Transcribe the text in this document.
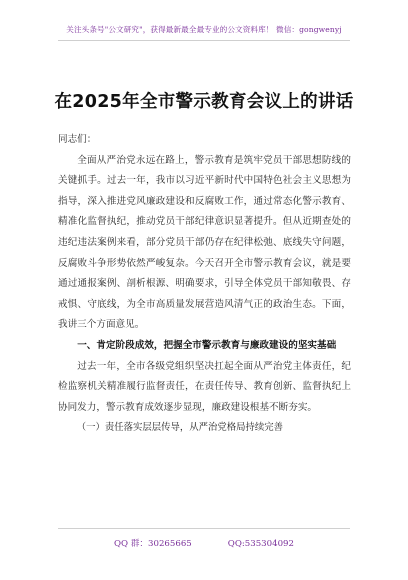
关注头条号"公文研究"，获得最新最全最专业的公文资料库！ 微信：gongwenyj
在2025年全市警示教育会议上的讲话

同志们：

全面从严治党永远在路上，警示教育是筑牢党员干部思想防线的关键抓手。过去一年，我市以习近平新时代中国特色社会主义思想为指导，深入推进党风廉政建设和反腐败工作，通过常态化警示教育、精准化监督执纪，推动党员干部纪律意识显著提升。但从近期查处的违纪违法案例来看，部分党员干部仍存在纪律松弛、底线失守问题，反腐败斗争形势依然严峻复杂。今天召开全市警示教育会议，就是要通过通报案例、剖析根源、明确要求，引导全体党员干部知敬畏、存戒惧、守底线，为全市高质量发展营造风清气正的政治生态。下面，我讲三个方面意见。

一、肯定阶段成效，把握全市警示教育与廉政建设的坚实基础

过去一年，全市各级党组织坚决扛起全面从严治党主体责任，纪检监察机关精准履行监督责任，在责任传导、教育创新、监督执纪上协同发力，警示教育成效逐步显现，廉政建设根基不断夯实。

（一）责任落实层层传导，从严治党格局持续完善

QQ 群：30265665	QQ:535304092
